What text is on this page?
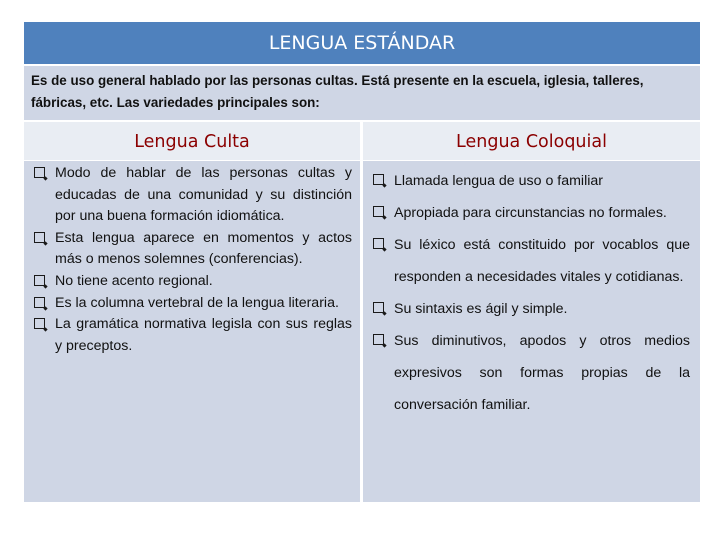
LENGUA ESTÁNDAR
Es de uso general hablado por las personas cultas. Está presente en la escuela, iglesia, talleres, fábricas, etc. Las variedades principales son:
Lengua Culta	Lengua Coloquial
Modo de hablar de las personas cultas y educadas de una comunidad y su distinción por una buena formación idiomática.
Esta lengua aparece en momentos y actos más o menos solemnes (conferencias).
No tiene acento regional.
Es la columna vertebral de la lengua literaria.
La gramática normativa legisla con sus reglas y preceptos.
Llamada lengua de uso o familiar
Apropiada para circunstancias no formales.
Su léxico está constituido por vocablos que responden a necesidades vitales y cotidianas.
Su sintaxis es ágil y simple.
Sus diminutivos, apodos y otros medios expresivos son formas propias de la conversación familiar.
